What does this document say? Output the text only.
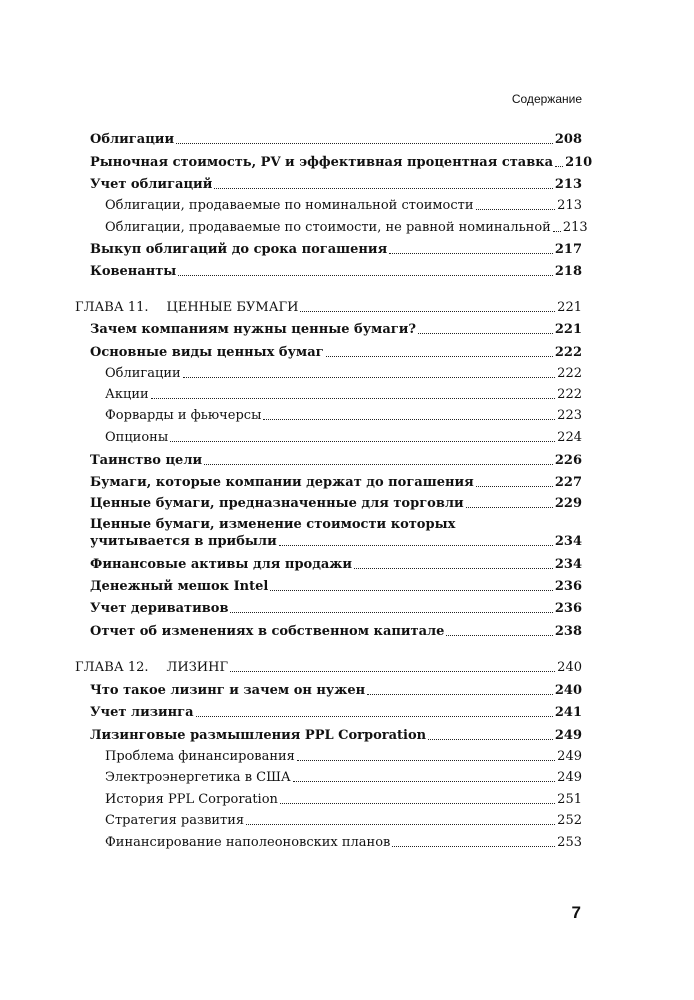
Содержание
Облигации	208
Рыночная стоимость, PV и эффективная процентная ставка 210
Учет облигаций	213
Облигации, продаваемые по номинальной стоимости	213
Облигации, продаваемые по стоимости, не равной номинальной 213
Выкуп облигаций до срока погашения	217
Ковенанты	218
ГЛАВА 11. ЦЕННЫЕ БУМАГИ	221
Зачем компаниям нужны ценные бумаги?	221
Основные виды ценных бумаг	222
Облигации	222
Акции	222
Форварды и фьючерсы	223
Опционы	224
Таинство цели	226
Бумаги, которые компании держат до погашения	227
Ценные бумаги, предназначенные для торговли	229
Ценные бумаги, изменение стоимости которых
учитывается в прибыли	234
Финансовые активы для продажи	234
Денежный мешок Intel	236
Учет деривативов	236
Отчет об изменениях в собственном капитале	238
ГЛАВА 12. ЛИЗИНГ	240
Что такое лизинг и зачем он нужен	240
Учет лизинга	241
Лизинговые размышления PPL Corporation	249
Проблема финансирования	249
Электроэнергетика в США	249
История PPL Corporation	251
Стратегия развития	252
Финансирование наполеоновских планов	253
7
